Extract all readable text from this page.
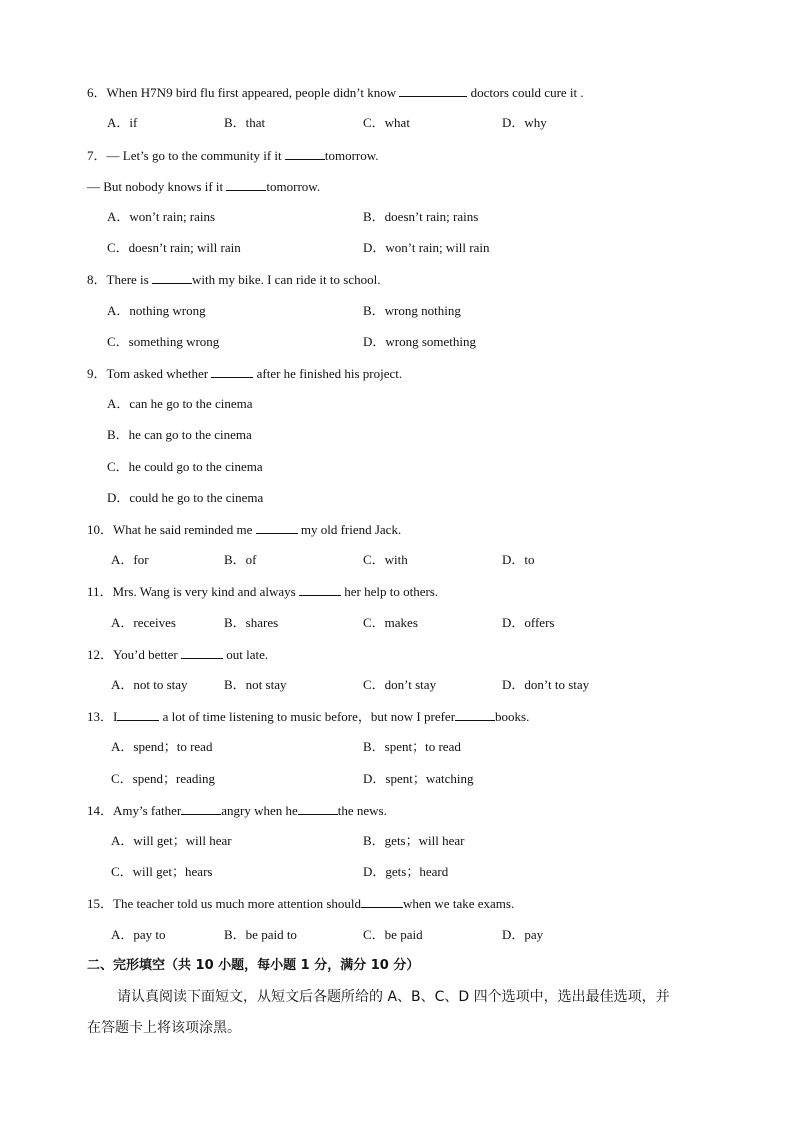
6．When H7N9 bird flu first appeared, people didn’t know	doctors could cure it .
A．if	B．that	C．what	D．why
7．— Let’s go to the community if it	tomorrow.
— But nobody knows if it	tomorrow.
A．won’t rain; rains	B．doesn’t rain; rains
C．doesn’t rain; will rain	D．won’t rain; will rain
8．There is	with my bike. I can ride it to school.
A．nothing wrong	B．wrong nothing
C．something wrong	D．wrong something
9．Tom asked whether	after he finished his project.
A．can he go to the cinema
B．he can go to the cinema
C．he could go to the cinema
D．could he go to the cinema
10．What he said reminded me	my old friend Jack.
A．for	B．of	C．with	D．to
11．Mrs. Wang is very kind and always	her help to others.
A．receives	B．shares	C．makes	D．offers
12．You’d better	out late.
A．not to stay	B．not stay	C．don’t stay	D．don’t to stay
13．I	a lot of time listening to music before，but now I prefer	books.
A．spend；to read	B．spent；to read
C．spend；reading	D．spent；watching
14．Amy’s father	angry when he	the news.
A．will get；will hear	B．gets；will hear
C．will get；hears	D．gets；heard
15．The teacher told us much more attention should	when we take exams.
A．pay to	B．be paid to	C．be paid	D．pay
二、完形填空（共 10 小题，每小题 1 分，满分 10 分）
请认真阅读下面短文，从短文后各题所给的 A、B、C、D 四个选项中，选出最佳选项，并
在答题卡上将该项涂黑。
